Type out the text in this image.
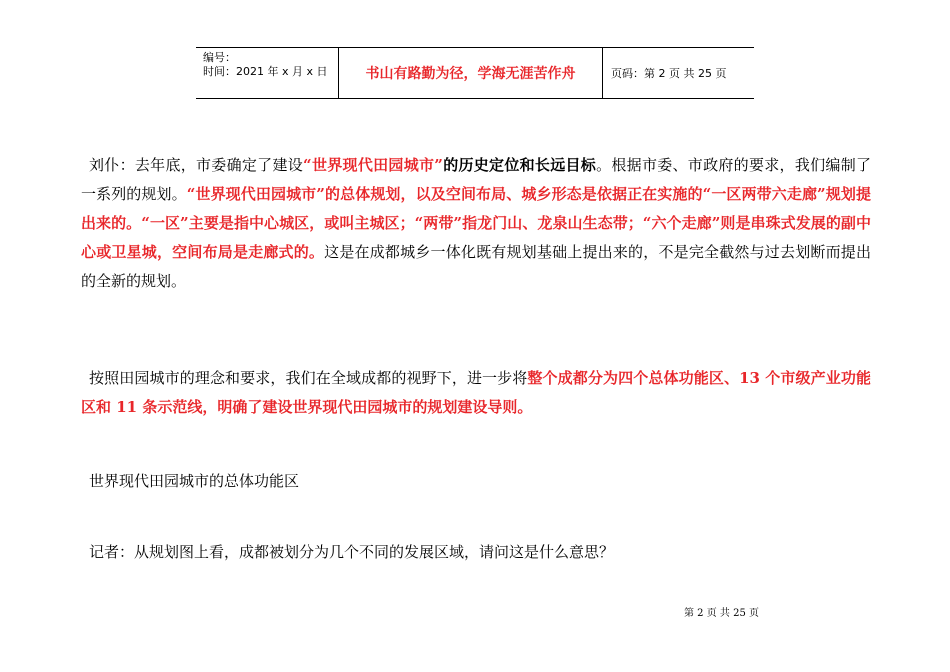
编号：
时间：2021 年 x 月 x 日	书山有路勤为径，学海无涯苦作舟	页码：第 2 页 共 25 页
刘仆：去年底，市委确定了建设“世界现代田园城市”的历史定位和长远目标。根据市委、市政府的要求，我们编制了一系列的规划。“世界现代田园城市”的总体规划，以及空间布局、城乡形态是依据正在实施的“一区两带六走廊”规划提出来的。“一区”主要是指中心城区，或叫主城区；“两带”指龙门山、龙泉山生态带；“六个走廊”则是串珠式发展的副中心或卫星城，空间布局是走廊式的。这是在成都城乡一体化既有规划基础上提出来的，不是完全截然与过去划断而提出的全新的规划。
按照田园城市的理念和要求，我们在全域成都的视野下，进一步将整个成都分为四个总体功能区、13 个市级产业功能区和 11 条示范线，明确了建设世界现代田园城市的规划建设导则。
世界现代田园城市的总体功能区
记者：从规划图上看，成都被划分为几个不同的发展区域，请问这是什么意思？
第 2 页 共 25 页
